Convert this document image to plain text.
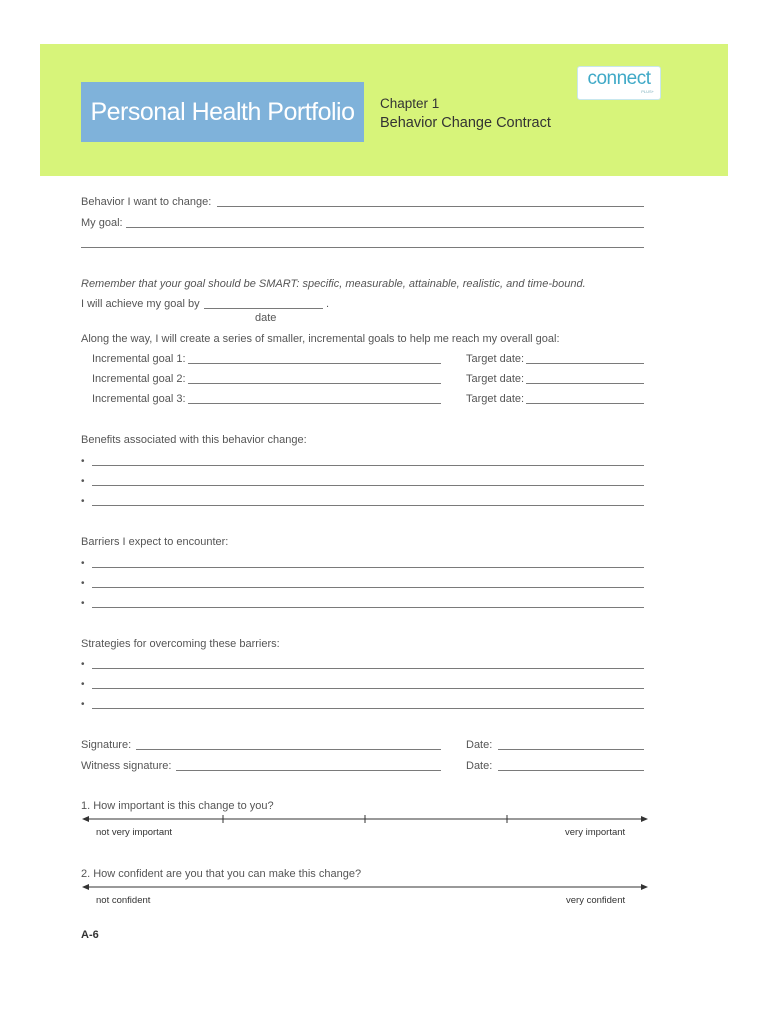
Personal Health Portfolio	Chapter 1
Behavior Change Contract
connect
PLUS+
Behavior I want to change:
My goal:
Remember that your goal should be SMART: specific, measurable, attainable, realistic, and time-bound.
I will achieve my goal by	.
date
Along the way, I will create a series of smaller, incremental goals to help me reach my overall goal:
Incremental goal 1:	Target date:
Incremental goal 2:	Target date:
Incremental goal 3:	Target date:
Benefits associated with this behavior change:
•
•
•
Barriers I expect to encounter:
•
•
•
Strategies for overcoming these barriers:
•
•
•
Signature:	Date:
Witness signature:	Date:
1. How important is this change to you?
not very important	very important
2. How confident are you that you can make this change?
not confident	very confident
A-6
